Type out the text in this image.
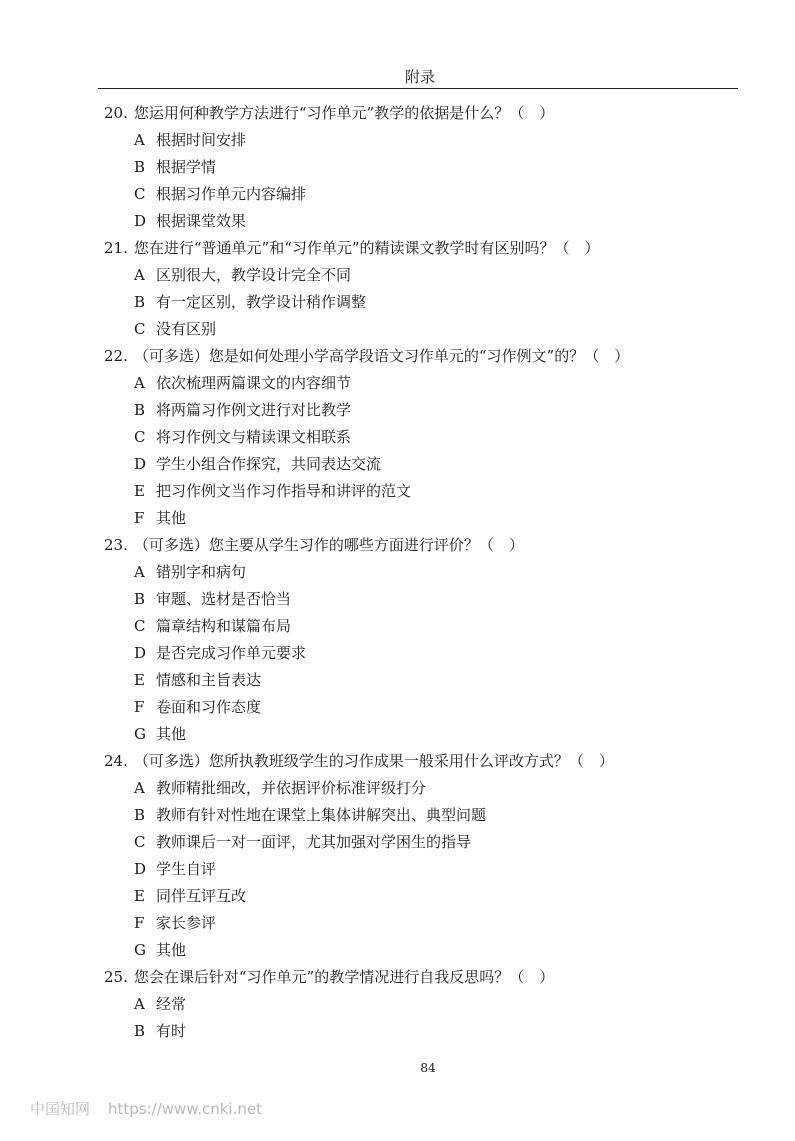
附录
20. 您运用何种教学方法进行“习作单元”教学的依据是什么？（　）
A 根据时间安排
B 根据学情
C 根据习作单元内容编排
D 根据课堂效果
21. 您在进行“普通单元”和“习作单元”的精读课文教学时有区别吗？（　）
A 区别很大，教学设计完全不同
B 有一定区别，教学设计稍作调整
C 没有区别
22. （可多选）您是如何处理小学高学段语文习作单元的“习作例文”的？（　）
A 依次梳理两篇课文的内容细节
B 将两篇习作例文进行对比教学
C 将习作例文与精读课文相联系
D 学生小组合作探究，共同表达交流
E 把习作例文当作习作指导和讲评的范文
F 其他
23. （可多选）您主要从学生习作的哪些方面进行评价？（　）
A 错别字和病句
B 审题、选材是否恰当
C 篇章结构和谋篇布局
D 是否完成习作单元要求
E 情感和主旨表达
F 卷面和习作态度
G 其他
24. （可多选）您所执教班级学生的习作成果一般采用什么评改方式？（　）
A 教师精批细改，并依据评价标准评级打分
B 教师有针对性地在课堂上集体讲解突出、典型问题
C 教师课后一对一面评，尤其加强对学困生的指导
D 学生自评
E 同伴互评互改
F 家长参评
G 其他
25. 您会在课后针对“习作单元”的教学情况进行自我反思吗？（　）
A 经常
B 有时
84
中国知网 https://www.cnki.net
